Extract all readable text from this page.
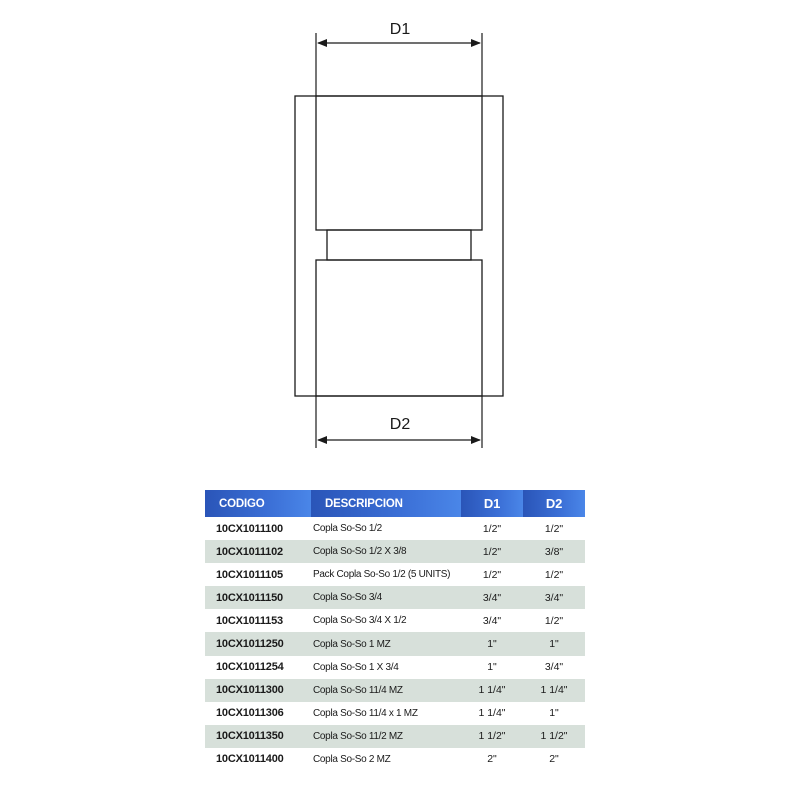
D1
D2
CODIGO	DESCRIPCION	D1	D2
10CX1011100	Copla So-So 1/2	1/2"	1/2"
10CX1011102	Copla So-So 1/2 X 3/8	1/2"	3/8"
10CX1011105	Pack Copla So-So 1/2 (5 UNITS)	1/2"	1/2"
10CX1011150	Copla So-So 3/4	3/4"	3/4"
10CX1011153	Copla So-So 3/4 X 1/2	3/4"	1/2"
10CX1011250	Copla So-So 1 MZ	1"	1"
10CX1011254	Copla So-So 1 X 3/4	1"	3/4"
10CX1011300	Copla So-So 11/4 MZ	1 1/4"	1 1/4"
10CX1011306	Copla So-So 11/4 x 1 MZ	1 1/4"	1"
10CX1011350	Copla So-So 11/2 MZ	1 1/2"	1 1/2"
10CX1011400	Copla So-So 2 MZ	2"	2"
